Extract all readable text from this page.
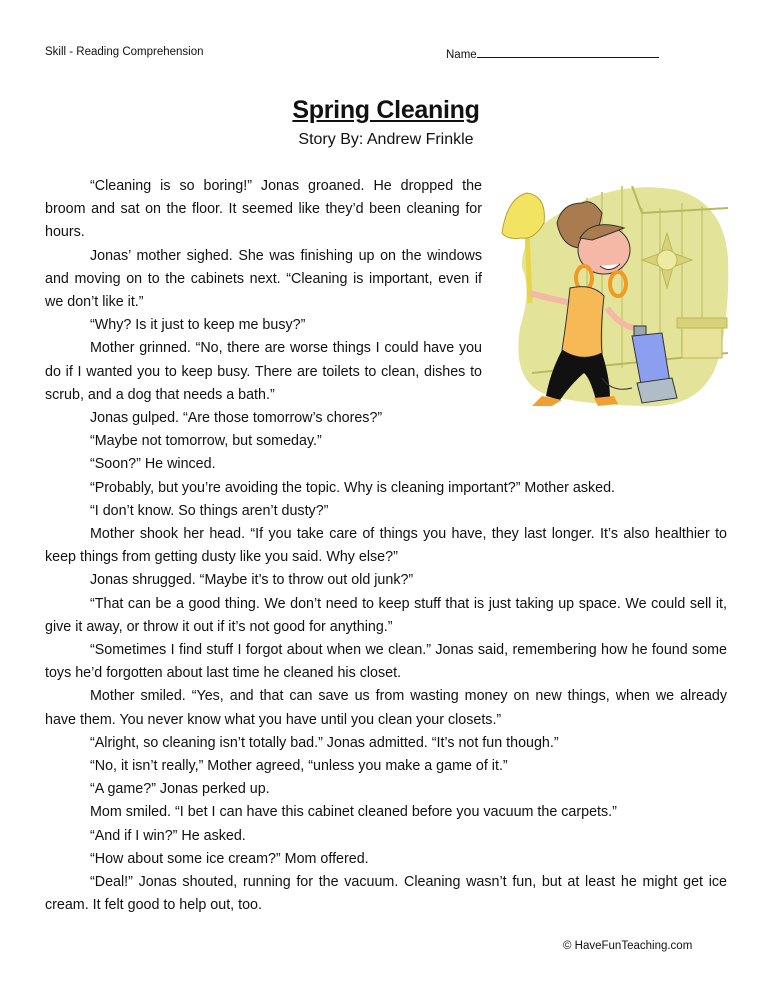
Skill - Reading Comprehension	Name
Spring Cleaning
Story By: Andrew Frinkle

“Cleaning is so boring!” Jonas groaned. He dropped the broom and sat on the floor. It seemed like they’d been cleaning for hours.

Jonas’ mother sighed. She was finishing up on the windows and moving on to the cabinets next. “Cleaning is important, even if we don’t like it.”

“Why? Is it just to keep me busy?”

Mother grinned. “No, there are worse things I could have you do if I wanted you to keep busy. There are toilets to clean, dishes to scrub, and a dog that needs a bath.”

Jonas gulped. “Are those tomorrow’s chores?”

“Maybe not tomorrow, but someday.”

“Soon?” He winced.

“Probably, but you’re avoiding the topic. Why is cleaning important?” Mother asked.

“I don’t know. So things aren’t dusty?”

Mother shook her head. “If you take care of things you have, they last longer. It’s also healthier to keep things from getting dusty like you said. Why else?”

Jonas shrugged. “Maybe it’s to throw out old junk?”

“That can be a good thing. We don’t need to keep stuff that is just taking up space. We could sell it, give it away, or throw it out if it’s not good for anything.”

“Sometimes I find stuff I forgot about when we clean.” Jonas said, remembering how he found some toys he’d forgotten about last time he cleaned his closet.

Mother smiled. “Yes, and that can save us from wasting money on new things, when we already have them. You never know what you have until you clean your closets.”

“Alright, so cleaning isn’t totally bad.” Jonas admitted. “It’s not fun though.”

“No, it isn’t really,” Mother agreed, “unless you make a game of it.”

“A game?” Jonas perked up.

Mom smiled. “I bet I can have this cabinet cleaned before you vacuum the carpets.”

“And if I win?” He asked.

“How about some ice cream?” Mom offered.

“Deal!” Jonas shouted, running for the vacuum. Cleaning wasn’t fun, but at least he might get ice cream. It felt good to help out, too.

© HaveFunTeaching.com
